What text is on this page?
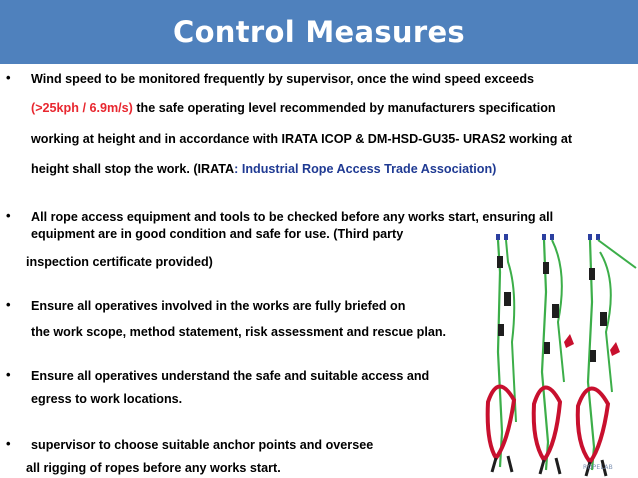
Control Measures
• Wind speed to be monitored frequently by supervisor, once the wind speed exceeds
(>25kph / 6.9m/s) the safe operating level recommended by manufacturers specification
working at height and in accordance with IRATA ICOP & DM-HSD-GU35- URAS2 working at
height shall stop the work. (IRATA: Industrial Rope Access Trade Association)
• All rope access equipment and tools to be checked before any works start, ensuring all
equipment are in good condition and safe for use. (Third party
inspection certificate provided)
• Ensure all operatives involved in the works are fully briefed on
the work scope, method statement, risk assessment and rescue plan.
• Ensure all operatives understand the safe and suitable access and
egress to work locations.
• supervisor to choose suitable anchor points and oversee
all rigging of ropes before any works start.	ROPELAB
